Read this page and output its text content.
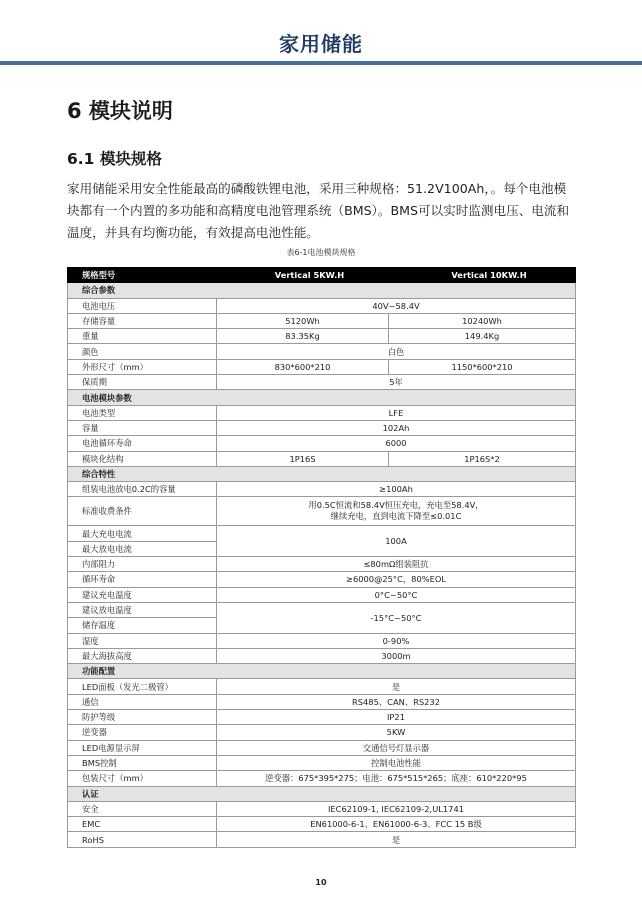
家用储能
6 模块说明
6.1 模块规格
家用储能采用安全性能最高的磷酸铁锂电池，采用三种规格：51.2V100Ah，。每个电池模块都有一个内置的多功能和高精度电池管理系统（BMS）。BMS可以实时监测电压、电流和温度，并具有均衡功能，有效提高电池性能。
表6-1电池模块规格
规格型号	Vertical 5KW.H	Vertical 10KW.H
综合参数		
电池电压	40V~58.4V	
存储容量	5120Wh	10240Wh
重量	83.35Kg	149.4Kg
颜色	白色	
外形尺寸（mm）	830*600*210	1150*600*210
保质期	5年	
电池模块参数		
电池类型	LFE	
容量	102Ah	
电池循环寿命	6000	
模块化结构	1P16S	1P16S*2
综合特性		
组装电池放电0.2C的容量	≥100Ah	
标准收费条件	用0.5C恒流和58.4V恒压充电，充电至58.4V，
继续充电，直到电流下降至≤0.01C	

最大充电电流	100A	
最大放电电流		
内部阻力	≤80mΩ组装阻抗	
循环寿命	≥6000@25°C，80%EOL	
建议充电温度	0°C~50°C	
建议放电温度	-15°C~50°C	
储存温度		
湿度	0-90%	
最大海拔高度	3000m	
功能配置		
LED面板（发光二极管）	是	
通信	RS485、CAN、RS232	
防护等级	IP21	
逆变器	5KW	
LED电源显示屏	交通信号灯显示器	
BMS控制	控制电池性能	
包装尺寸（mm）	逆变器：675*395*275；电池：675*515*265；底座：610*220*95	
认证		
安全	IEC62109-1, IEC62109-2,UL1741	
EMC	EN61000-6-1、EN61000-6-3、FCC 15 B级	
RoHS	是	
10
